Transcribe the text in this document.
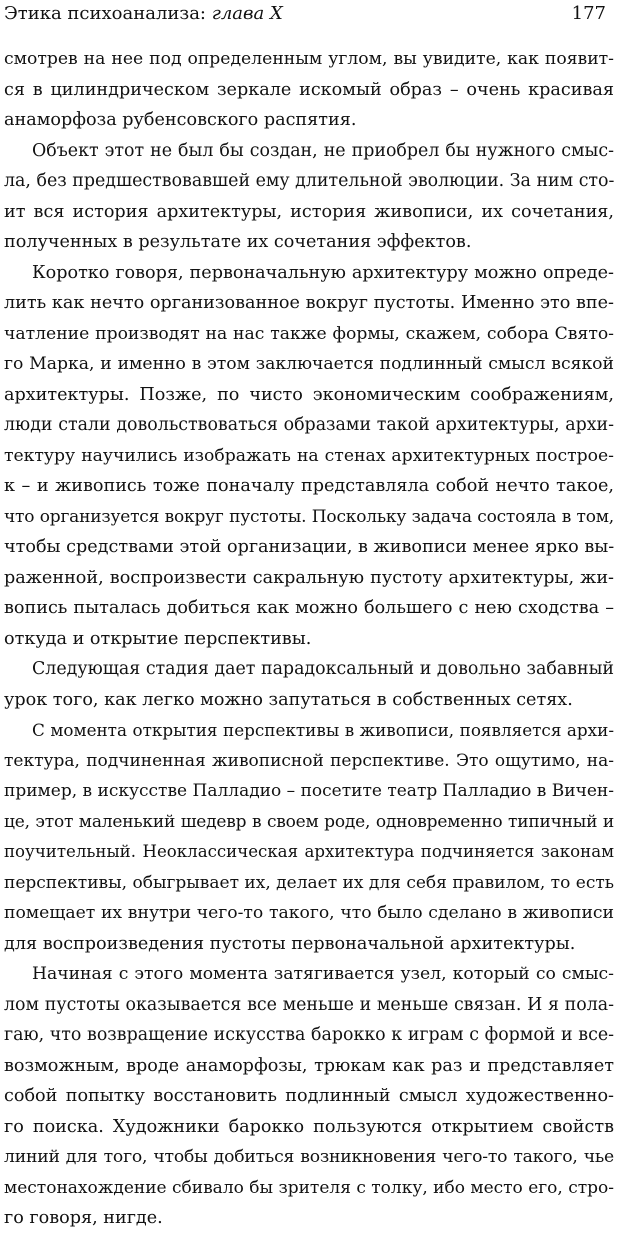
Этика психоанализа: глава X	177
смотрев на нее под определенным углом, вы увидите, как появит-
ся в цилиндрическом зеркале искомый образ – очень красивая
анаморфоза рубенсовского распятия.
Объект этот не был бы создан, не приобрел бы нужного смыс-
ла, без предшествовавшей ему длительной эволюции. За ним сто-
ит вся история архитектуры, история живописи, их сочетания,
полученных в результате их сочетания эффектов.
Коротко говоря, первоначальную архитектуру можно опреде-
лить как нечто организованное вокруг пустоты. Именно это впе-
чатление производят на нас также формы, скажем, собора Свято-
го Марка, и именно в этом заключается подлинный смысл всякой
архитектуры. Позже, по чисто экономическим соображениям,
люди стали довольствоваться образами такой архитектуры, архи-
тектуру научились изображать на стенах архитектурных построе-
к – и живопись тоже поначалу представляла собой нечто такое,
что организуется вокруг пустоты. Поскольку задача состояла в том,
чтобы средствами этой организации, в живописи менее ярко вы-
раженной, воспроизвести сакральную пустоту архитектуры, жи-
вопись пыталась добиться как можно большего с нею сходства –
откуда и открытие перспективы.
Следующая стадия дает парадоксальный и довольно забавный
урок того, как легко можно запутаться в собственных сетях.
С момента открытия перспективы в живописи, появляется архи-
тектура, подчиненная живописной перспективе. Это ощутимо, на-
пример, в искусстве Палладио – посетите театр Палладио в Вичен-
це, этот маленький шедевр в своем роде, одновременно типичный и
поучительный. Неоклассическая архитектура подчиняется законам
перспективы, обыгрывает их, делает их для себя правилом, то есть
помещает их внутри чего-то такого, что было сделано в живописи
для воспроизведения пустоты первоначальной архитектуры.
Начиная с этого момента затягивается узел, который со смыс-
лом пустоты оказывается все меньше и меньше связан. И я пола-
гаю, что возвращение искусства барокко к играм с формой и все-
возможным, вроде анаморфозы, трюкам как раз и представляет
собой попытку восстановить подлинный смысл художественно-
го поиска. Художники барокко пользуются открытием свойств
линий для того, чтобы добиться возникновения чего-то такого, чье
местонахождение сбивало бы зрителя с толку, ибо место его, стро-
го говоря, нигде.
